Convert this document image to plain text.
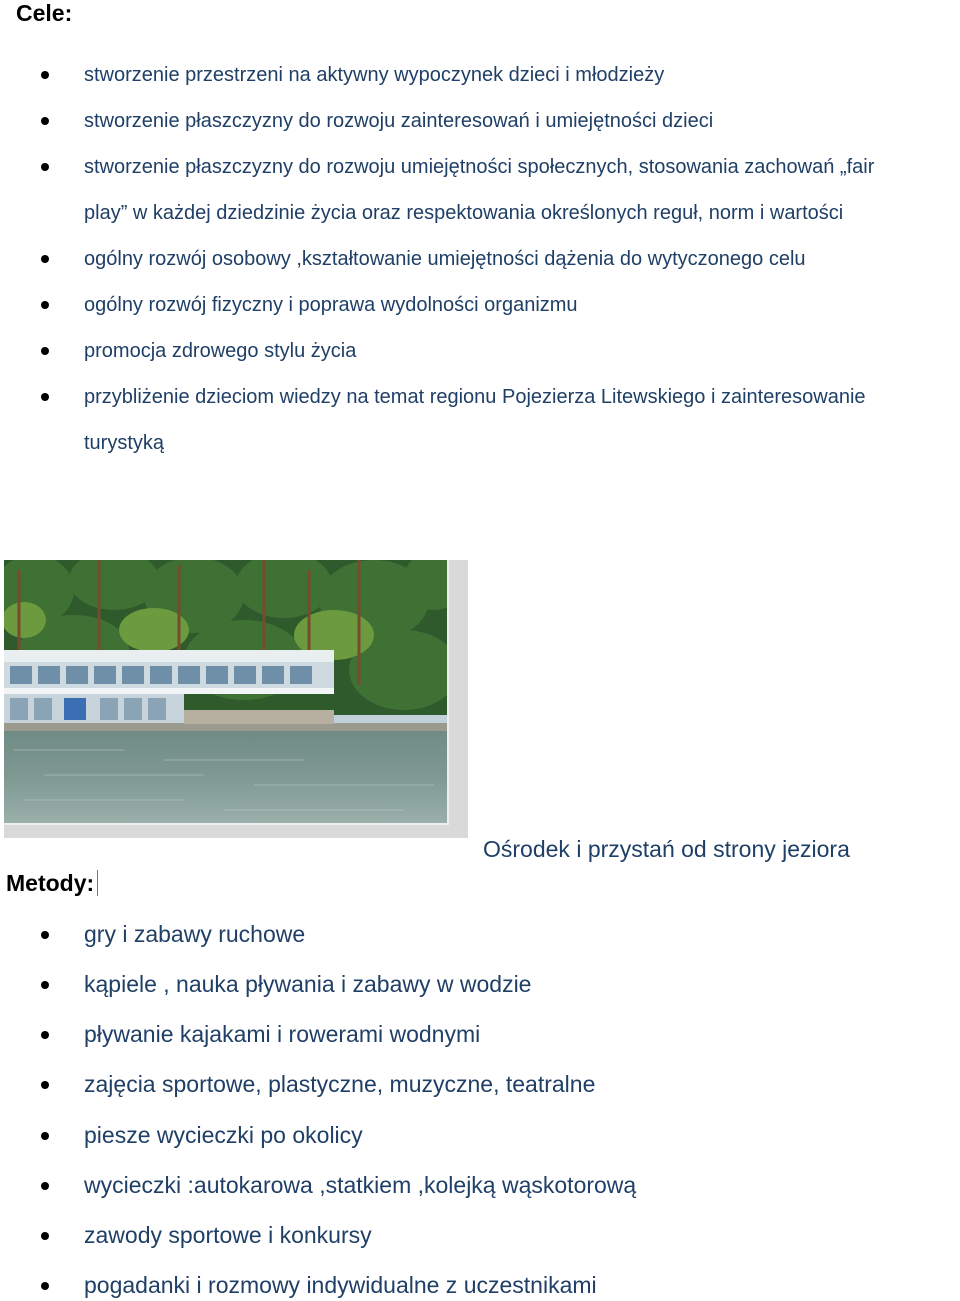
Cele:
stworzenie przestrzeni na aktywny wypoczynek dzieci i młodzieży
stworzenie płaszczyzny do rozwoju zainteresowań i umiejętności dzieci
stworzenie płaszczyzny do rozwoju umiejętności społecznych, stosowania zachowań „fair
play” w każdej dziedzinie życia oraz respektowania określonych reguł, norm i wartości
ogólny rozwój osobowy ,kształtowanie umiejętności dążenia do wytyczonego celu
ogólny rozwój fizyczny i poprawa wydolności organizmu
promocja zdrowego stylu życia
przybliżenie dzieciom wiedzy na temat regionu Pojezierza Litewskiego i zainteresowanie
turystyką
Ośrodek i przystań od strony jeziora
Metody:
gry i zabawy ruchowe
kąpiele , nauka pływania i zabawy w wodzie
pływanie kajakami i rowerami wodnymi
zajęcia sportowe, plastyczne, muzyczne, teatralne
piesze wycieczki po okolicy
wycieczki :autokarowa ,statkiem ,kolejką wąskotorową
zawody sportowe i konkursy
pogadanki i rozmowy indywidualne z uczestnikami
